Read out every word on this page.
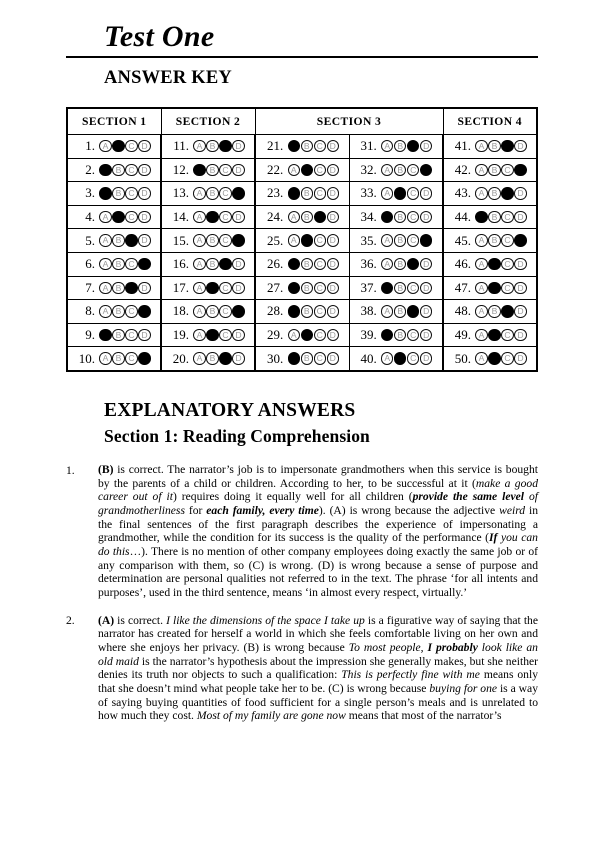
Test One
ANSWER KEY
SECTION 1	SECTION 2	SECTION 3		SECTION 4

1. A C D	11. A B D	21. B C D	31. A B D	41. A B D

2. B C D	12. B C D	22. A C D	32. A B C	42. A B C

3. B C D	13. A B C	23. B C D	33. A C D	43. A B D

4. A C D	14. A C D	24. A B D	34. B C D	44. B C D

5. A B D	15. A B C	25. A C D	35. A B C	45. A B C

6. A B C	16. A B D	26. B C D	36. A B D	46. A C D

7. A B D	17. A C D	27. B C D	37. B C D	47. A C D

8. A B C	18. A B C	28. B C D	38. A B D	48. A B D

9. B C D	19. A C D	29. A C D	39. B C D	49. A C D

10. A B C	20. A B D	30. B C D	40. A C D	50. A C D
EXPLANATORY ANSWERS
Section 1: Reading Comprehension
1.	(B) is correct. The narrator’s job is to impersonate grandmothers when this service is bought by the parents of a child or children. According to her, to be successful at it (make a good career out of it) requires doing it equally well for all children (provide the same level of grandmotherliness for each family, every time). (A) is wrong because the adjective weird in the final sentences of the first paragraph describes the experience of impersonating a grandmother, while the condition for its success is the quality of the performance (If you can do this…). There is no mention of other company employees doing exactly the same job or of any comparison with them, so (C) is wrong. (D) is wrong because a sense of purpose and determination are personal qualities not referred to in the text. The phrase ‘for all intents and purposes’, used in the third sentence, means ‘in almost every respect, virtually.’
2.	(A) is correct. I like the dimensions of the space I take up is a figurative way of saying that the narrator has created for herself a world in which she feels comfortable living on her own and where she enjoys her privacy. (B) is wrong because To most people, I probably look like an old maid is the narrator’s hypothesis about the impression she generally makes, but she neither denies its truth nor objects to such a qualification: This is perfectly fine with me means only that she doesn’t mind what people take her to be. (C) is wrong because buying for one is a way of saying buying quantities of food sufficient for a single person’s meals and is unrelated to how much they cost. Most of my family are gone now means that most of the narrator’s
